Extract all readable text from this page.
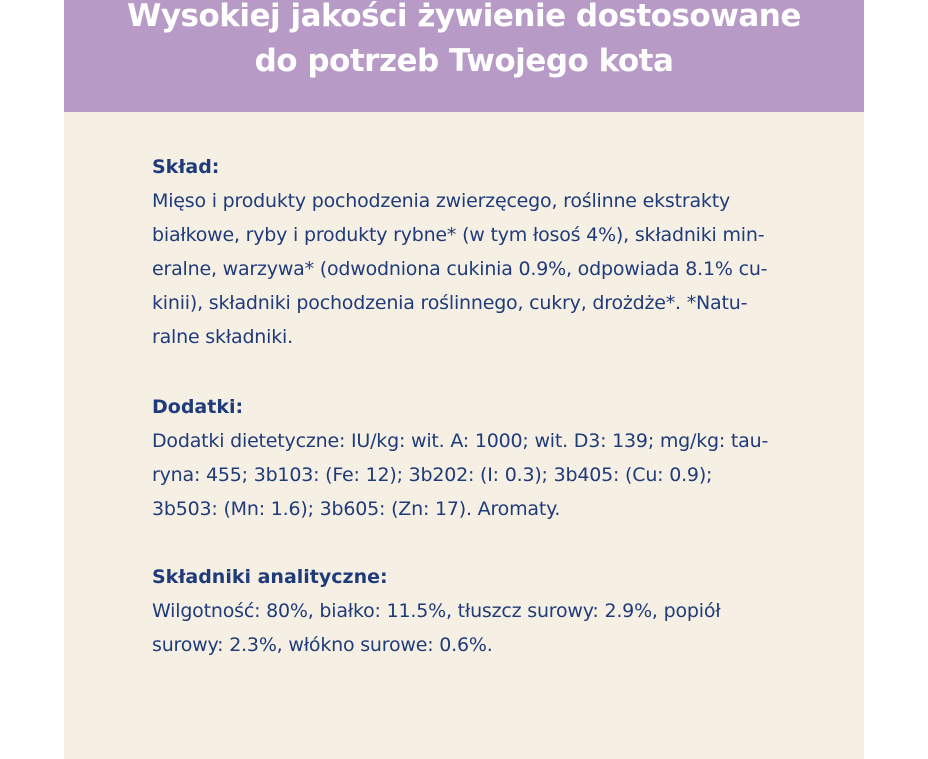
Wysokiej jakości żywienie dostosowane
do potrzeb Twojego kota
Skład:
Mięso i produkty pochodzenia zwierzęcego, roślinne ekstrakty
białkowe, ryby i produkty rybne* (w tym łosoś 4%), składniki min-
eralne, warzywa* (odwodniona cukinia 0.9%, odpowiada 8.1% cu-
kinii), składniki pochodzenia roślinnego, cukry, drożdże*. *Natu-
ralne składniki.
Dodatki:
Dodatki dietetyczne: IU/kg: wit. A: 1000; wit. D3: 139; mg/kg: tau-
ryna: 455; 3b103: (Fe: 12); 3b202: (I: 0.3); 3b405: (Cu: 0.9);
3b503: (Mn: 1.6); 3b605: (Zn: 17). Aromaty.
Składniki analityczne:
Wilgotność: 80%, białko: 11.5%, tłuszcz surowy: 2.9%, popiół
surowy: 2.3%, włókno surowe: 0.6%.
